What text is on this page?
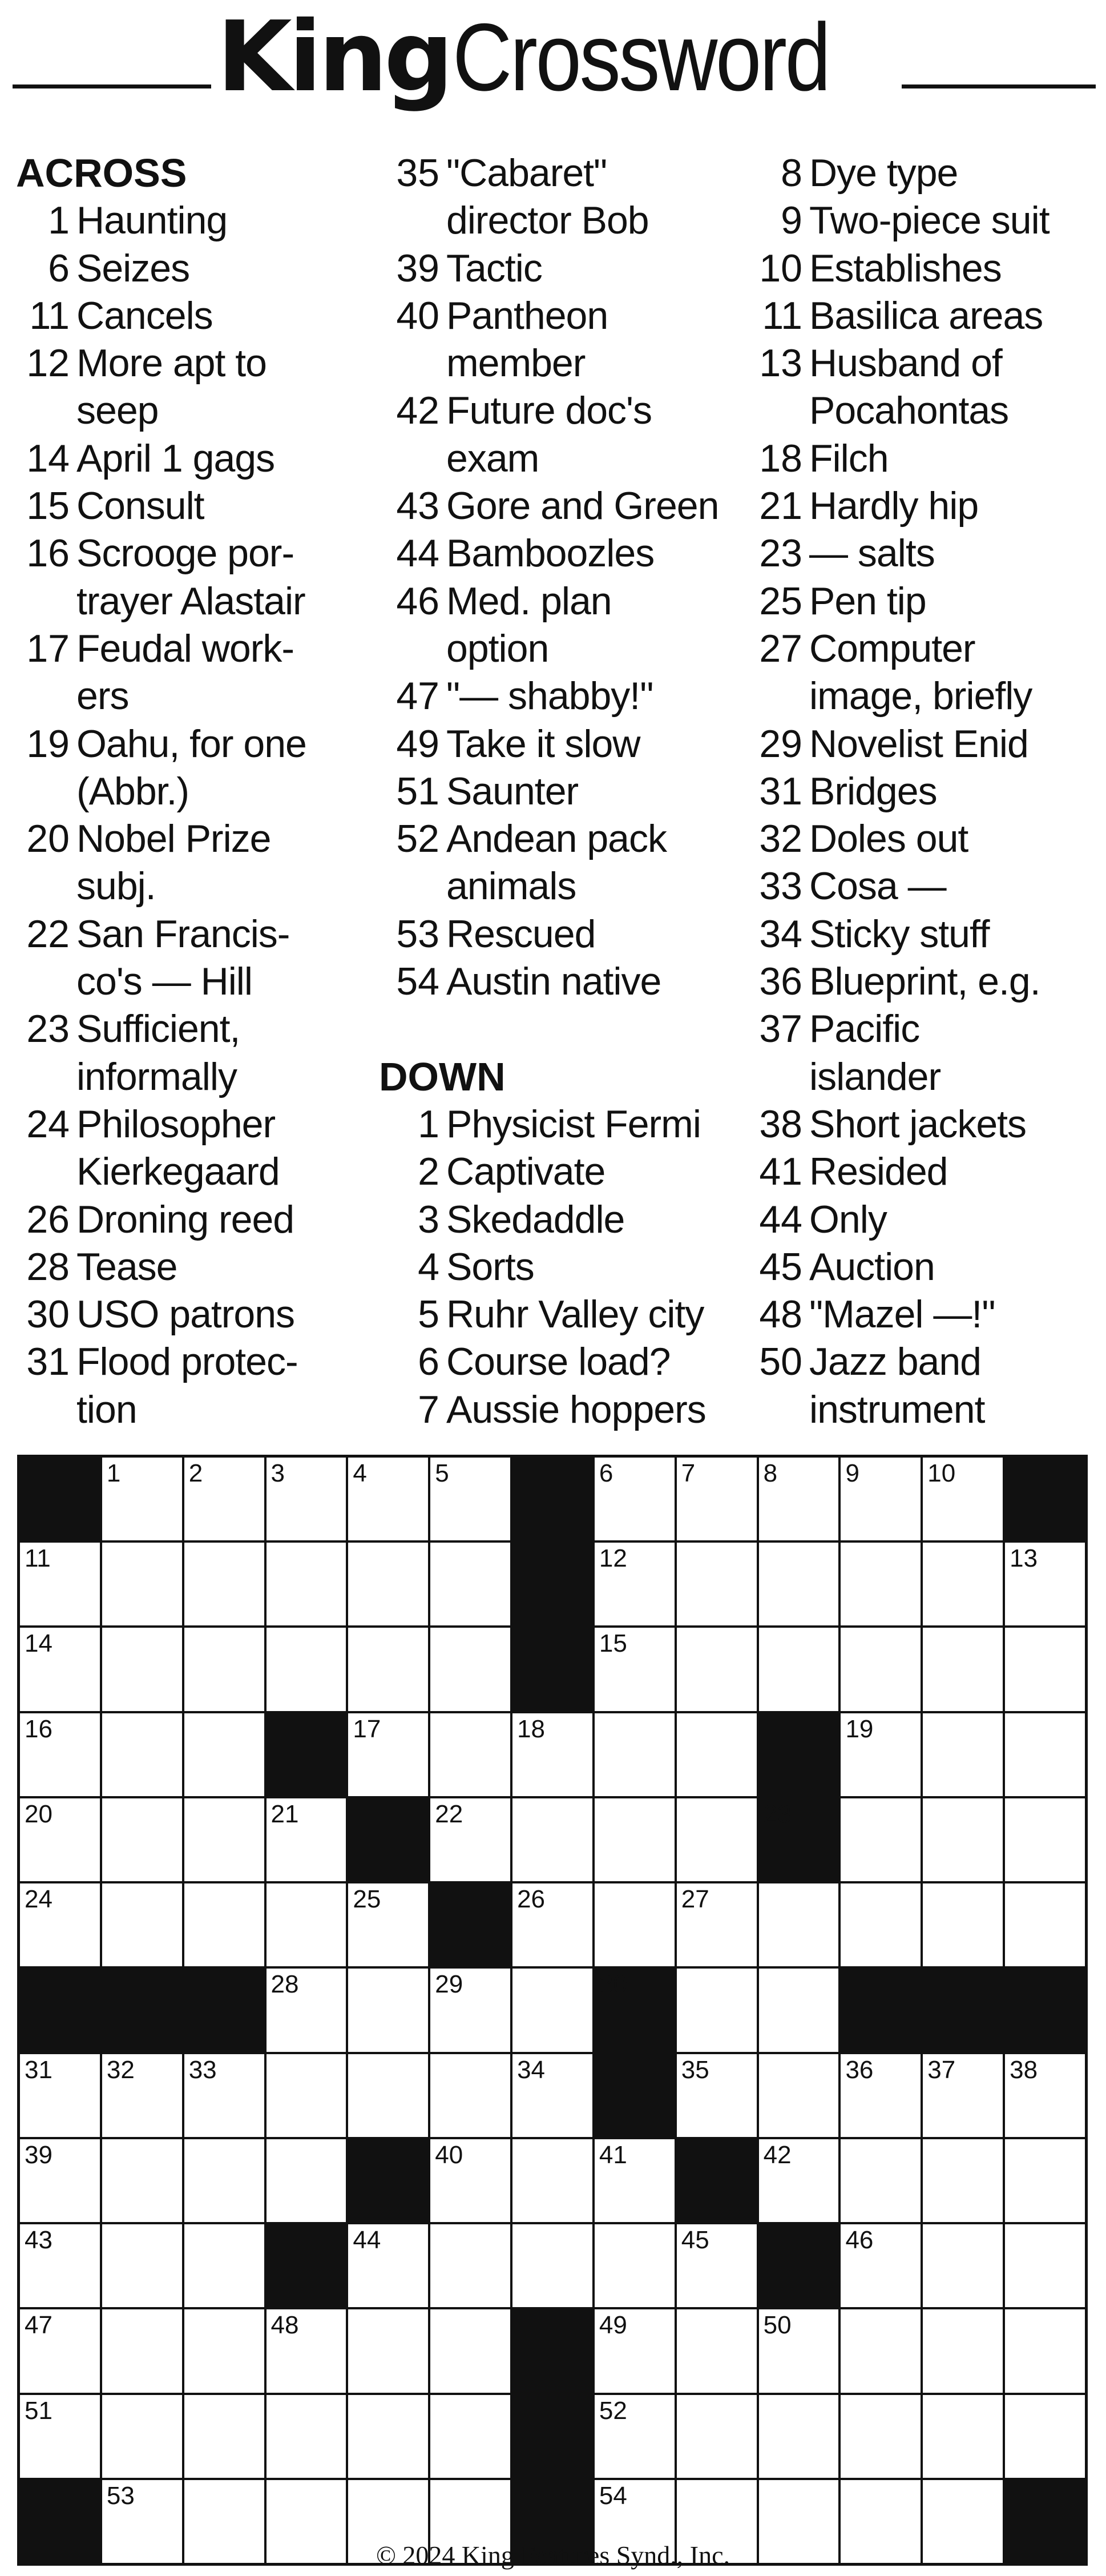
King Crossword
ACROSS
1 Haunting
6 Seizes
11 Cancels
12 More apt to
seep
14 April 1 gags
15 Consult
16 Scrooge por-
trayer Alastair
17 Feudal work-
ers
19 Oahu, for one
(Abbr.)
20 Nobel Prize
subj.
22 San Francis-
co's — Hill
23 Sufficient,
informally
24 Philosopher
Kierkegaard
26 Droning reed
28 Tease
30 USO patrons
31 Flood protec-
tion
35 "Cabaret"
director Bob
39 Tactic
40 Pantheon
member
42 Future doc's
exam
43 Gore and Green
44 Bamboozles
46 Med. plan
option
47 "— shabby!"
49 Take it slow
51 Saunter
52 Andean pack
animals
53 Rescued
54 Austin native
DOWN
1 Physicist Fermi
2 Captivate
3 Skedaddle
4 Sorts
5 Ruhr Valley city
6 Course load?
7 Aussie hoppers
8 Dye type
9 Two-piece suit
10 Establishes
11 Basilica areas
13 Husband of
Pocahontas
18 Filch
21 Hardly hip
23 — salts
25 Pen tip
27 Computer
image, briefly
29 Novelist Enid
31 Bridges
32 Doles out
33 Cosa —
34 Sticky stuff
36 Blueprint, e.g.
37 Pacific
islander
38 Short jackets
41 Resided
44 Only
45 Auction
48 "Mazel —!"
50 Jazz band
instrument
1	2	3	4	5	6	7	8	9	10
11	12	13
14	15
16	17	18	19
20	21	22	23
24	25	26	27
28	29	30
31 32 33	34	35	36 37 38
39	40	41	42
43	44	45	46
47	48	49	50
51	52
53	54
© 2024 King Features Synd., Inc.
